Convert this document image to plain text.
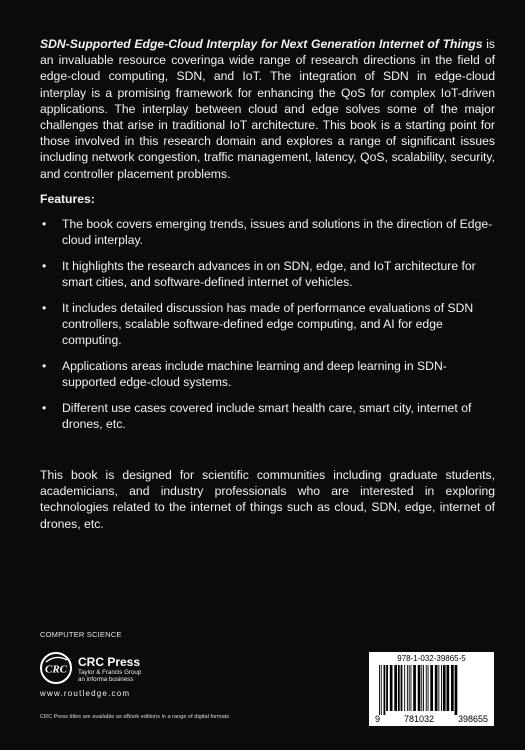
SDN-Supported Edge-Cloud Interplay for Next Generation Internet of Things is an invaluable resource coveringa wide range of research directions in the field of edge-cloud computing, SDN, and IoT. The integration of SDN in edge-cloud interplay is a promising framework for enhancing the QoS for complex IoT-driven applications. The interplay between cloud and edge solves some of the major challenges that arise in traditional IoT architecture. This book is a starting point for those involved in this research domain and explores a range of significant issues including network congestion, traffic management, latency, QoS, scalability, security, and controller placement problems.

Features:
• The book covers emerging trends, issues and solutions in the direction of Edge-cloud interplay.
• It highlights the research advances in on SDN, edge, and IoT architecture for smart cities, and software-defined internet of vehicles.
• It includes detailed discussion has made of performance evaluations of SDN controllers, scalable software-defined edge computing, and AI for edge computing.
• Applications areas include machine learning and deep learning in SDN-supported edge-cloud systems.
• Different use cases covered include smart health care, smart city, internet of drones, etc.

This book is designed for scientific communities including graduate students, academicians, and industry professionals who are interested in exploring technologies related to the internet of things such as cloud, SDN, edge, internet of drones, etc.

COMPUTER SCIENCE
CRC
CRC Press
Taylor & Francis Group
an informa business
www.routledge.com
CRC Press titles are available as eBook editions in a range of digital formats
978-1-032-39865-5
9	781032	398655
